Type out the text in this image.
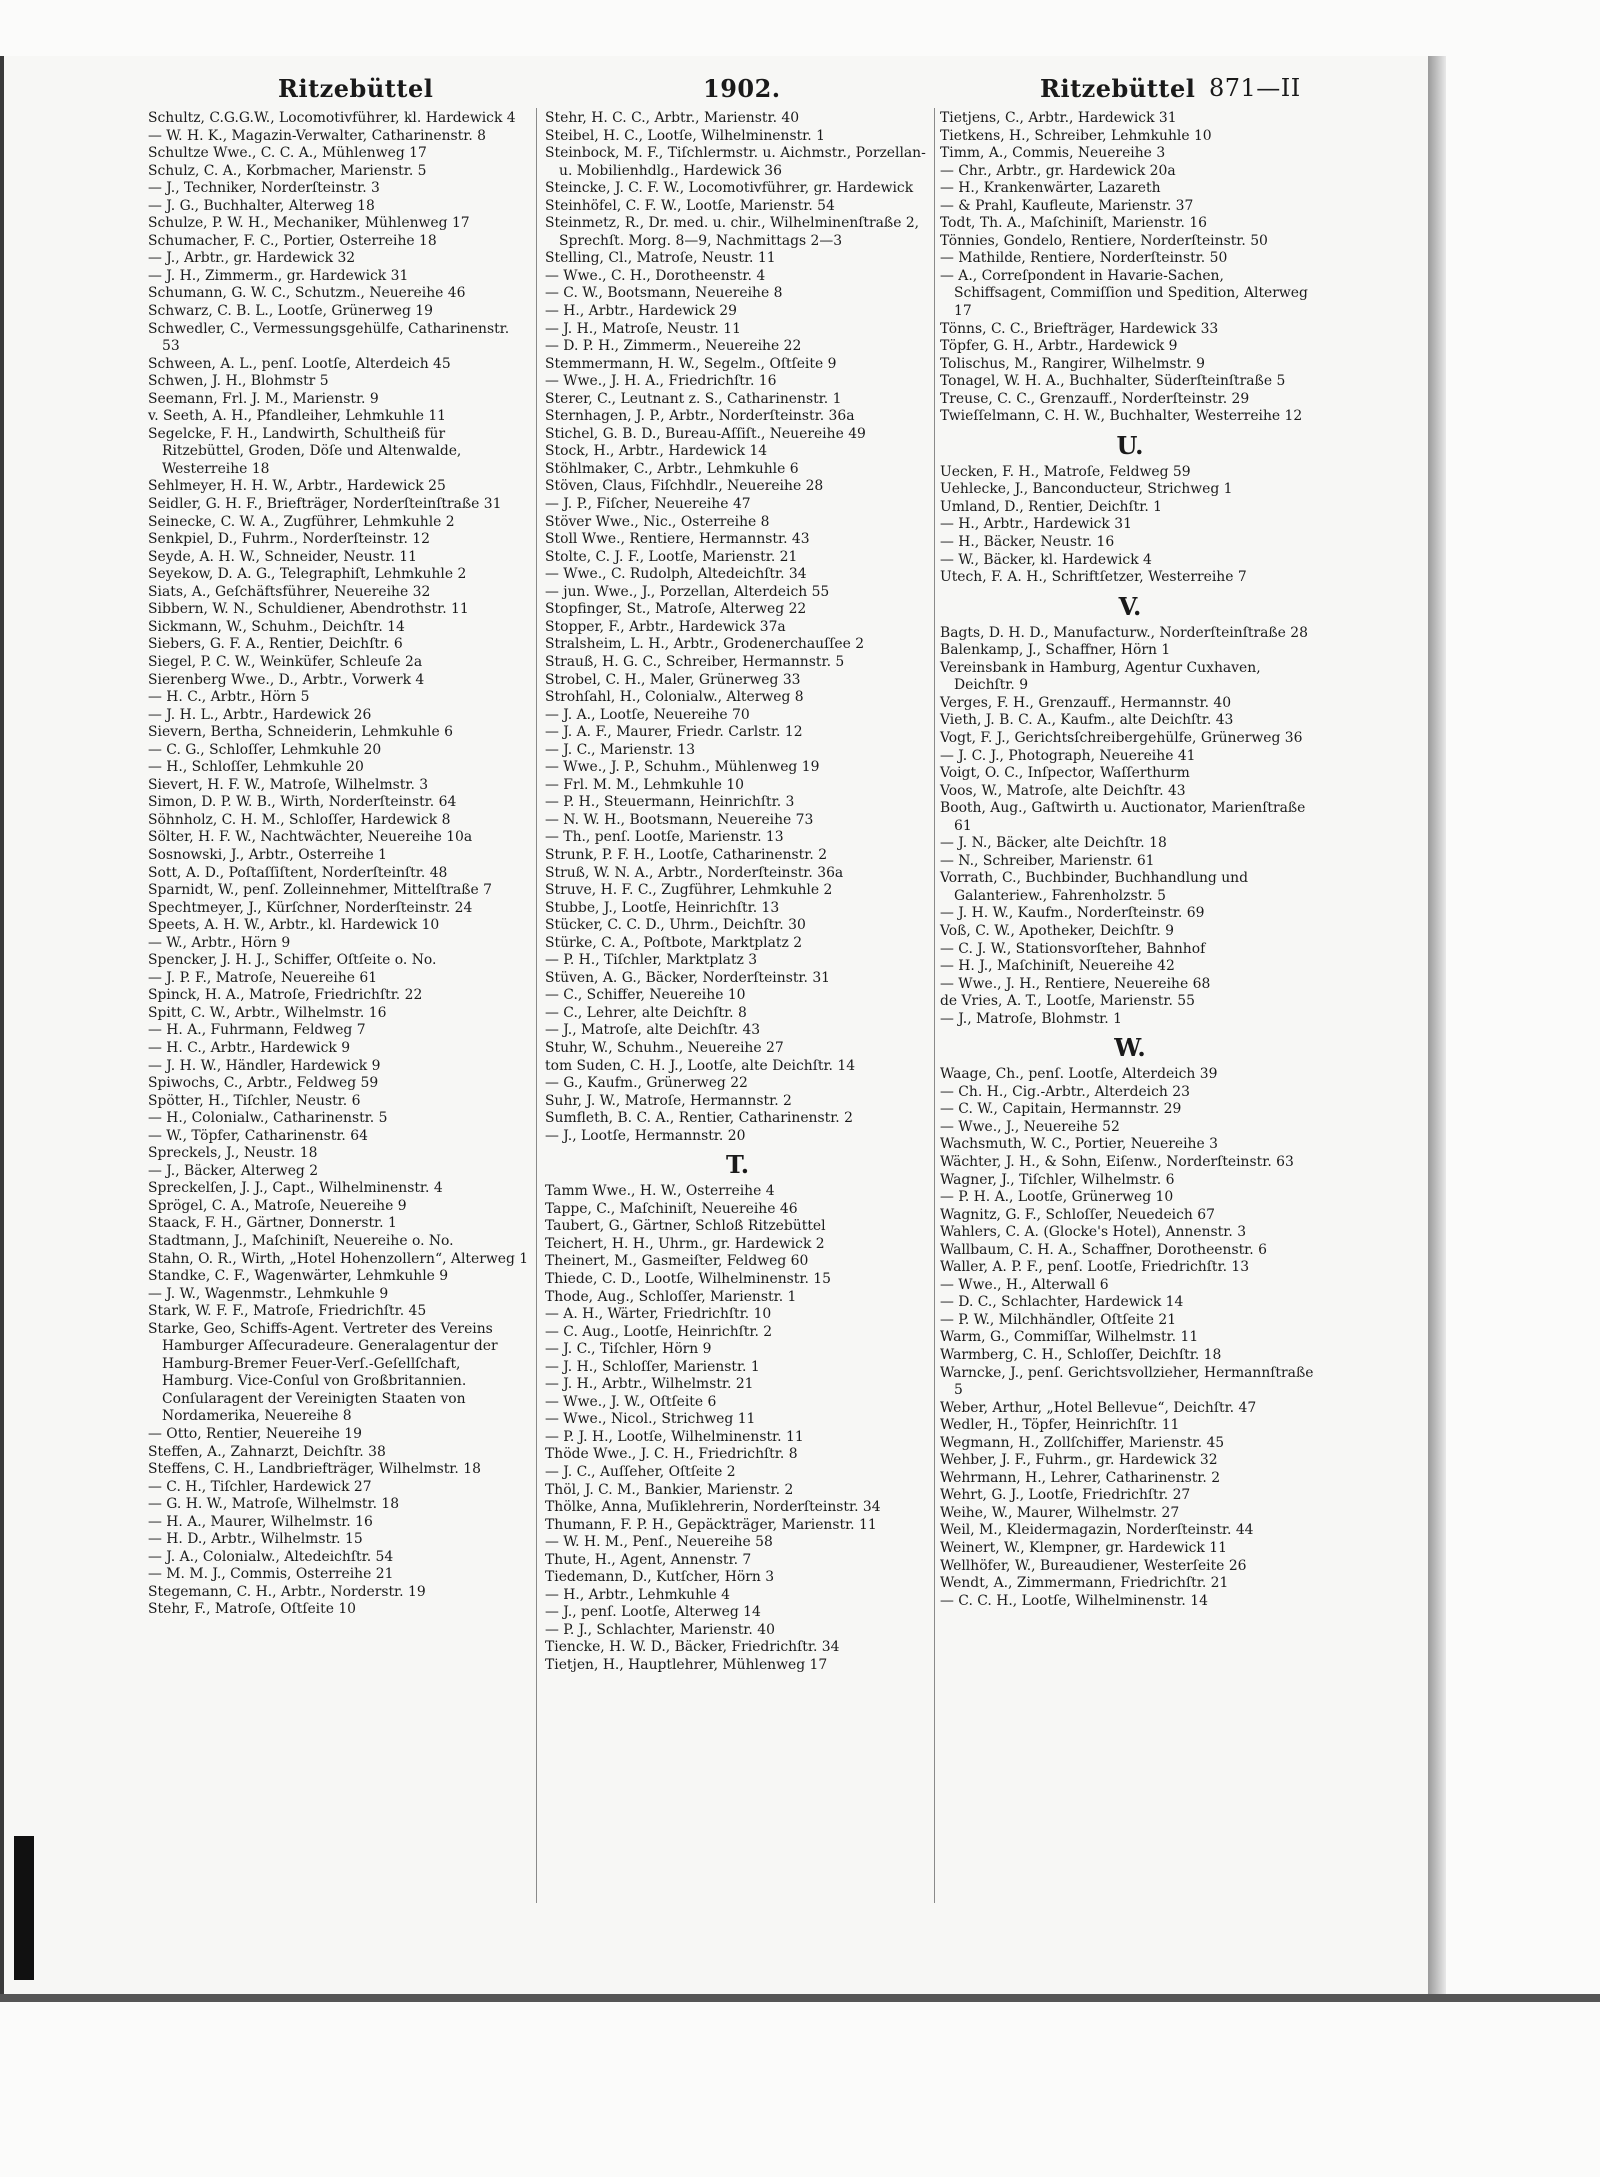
Ritzebüttel	1902.	Ritzebüttel 871—II

Schultz, C.G.G.W., Locomotivführer, kl. Hardewick 4

— W. H. K., Magazin-Verwalter, Catharinenstr. 8

Schultze Wwe., C. C. A., Mühlenweg 17

Schulz, C. A., Korbmacher, Marienstr. 5

— J., Techniker, Norderſteinstr. 3

— J. G., Buchhalter, Alterweg 18

Schulze, P. W. H., Mechaniker, Mühlenweg 17

Schumacher, F. C., Portier, Osterreihe 18

— J., Arbtr., gr. Hardewick 32

— J. H., Zimmerm., gr. Hardewick 31

Schumann, G. W. C., Schutzm., Neuereihe 46

Schwarz, C. B. L., Lootſe, Grünerweg 19

Schwedler, C., Vermessungsgehülfe, Catharinenstr. 53

Schween, A. L., penſ. Lootſe, Alterdeich 45

Schwen, J. H., Blohmstr 5

Seemann, Frl. J. M., Marienstr. 9

v. Seeth, A. H., Pfandleiher, Lehmkuhle 11

Segelcke, F. H., Landwirth, Schultheiß für Ritzebüttel, Groden, Döſe und Altenwalde, Westerreihe 18

Sehlmeyer, H. H. W., Arbtr., Hardewick 25

Seidler, G. H. F., Briefträger, Norderſteinſtraße 31

Seinecke, C. W. A., Zugführer, Lehmkuhle 2

Senkpiel, D., Fuhrm., Norderſteinstr. 12

Seyde, A. H. W., Schneider, Neustr. 11

Seyekow, D. A. G., Telegraphiſt, Lehmkuhle 2

Siats, A., Geſchäftsführer, Neuereihe 32

Sibbern, W. N., Schuldiener, Abendrothstr. 11

Sickmann, W., Schuhm., Deichſtr. 14

Siebers, G. F. A., Rentier, Deichſtr. 6

Siegel, P. C. W., Weinküfer, Schleuſe 2a

Sierenberg Wwe., D., Arbtr., Vorwerk 4

— H. C., Arbtr., Hörn 5

— J. H. L., Arbtr., Hardewick 26

Sievern, Bertha, Schneiderin, Lehmkuhle 6

— C. G., Schloſſer, Lehmkuhle 20

— H., Schloſſer, Lehmkuhle 20

Sievert, H. F. W., Matroſe, Wilhelmstr. 3

Simon, D. P. W. B., Wirth, Norderſteinstr. 64

Söhnholz, C. H. M., Schloſſer, Hardewick 8

Sölter, H. F. W., Nachtwächter, Neuereihe 10a

Sosnowski, J., Arbtr., Osterreihe 1

Sott, A. D., Poſtaſſiſtent, Norderſteinſtr. 48

Sparnidt, W., penſ. Zolleinnehmer, Mittelſtraße 7

Spechtmeyer, J., Kürſchner, Norderſteinstr. 24

Speets, A. H. W., Arbtr., kl. Hardewick 10

— W., Arbtr., Hörn 9

Spencker, J. H. J., Schiffer, Oſtſeite o. No.

— J. P. F., Matroſe, Neuereihe 61

Spinck, H. A., Matroſe, Friedrichſtr. 22

Spitt, C. W., Arbtr., Wilhelmstr. 16

— H. A., Fuhrmann, Feldweg 7

— H. C., Arbtr., Hardewick 9

— J. H. W., Händler, Hardewick 9

Spiwochs, C., Arbtr., Feldweg 59

Spötter, H., Tiſchler, Neustr. 6

— H., Colonialw., Catharinenstr. 5

— W., Töpfer, Catharinenstr. 64

Spreckels, J., Neustr. 18

— J., Bäcker, Alterweg 2

Spreckelſen, J. J., Capt., Wilhelminenstr. 4

Sprögel, C. A., Matroſe, Neuereihe 9

Staack, F. H., Gärtner, Donnerstr. 1

Stadtmann, J., Maſchiniſt, Neuereihe o. No.

Stahn, O. R., Wirth, „Hotel Hohenzollern“, Alterweg 1

Standke, C. F., Wagenwärter, Lehmkuhle 9

— J. W., Wagenmstr., Lehmkuhle 9

Stark, W. F. F., Matroſe, Friedrichſtr. 45

Starke, Geo, Schiffs-Agent. Vertreter des Vereins Hamburger Aſſecuradeure. Generalagentur der Hamburg-Bremer Feuer-Verſ.-Geſellſchaft, Hamburg. Vice-Conſul von Großbritannien. Conſularagent der Vereinigten Staaten von Nordamerika, Neuereihe 8

— Otto, Rentier, Neuereihe 19

Steffen, A., Zahnarzt, Deichſtr. 38

Steffens, C. H., Landbriefträger, Wilhelmstr. 18

— C. H., Tiſchler, Hardewick 27

— G. H. W., Matroſe, Wilhelmstr. 18

— H. A., Maurer, Wilhelmstr. 16

— H. D., Arbtr., Wilhelmstr. 15

— J. A., Colonialw., Altedeichſtr. 54

— M. M. J., Commis, Osterreihe 21

Stegemann, C. H., Arbtr., Norderstr. 19

Stehr, F., Matroſe, Oſtſeite 10

Stehr, H. C. C., Arbtr., Marienstr. 40

Steibel, H. C., Lootſe, Wilhelminenstr. 1

Steinbock, M. F., Tiſchlermstr. u. Aichmstr., Porzellan- u. Mobilienhdlg., Hardewick 36

Steincke, J. C. F. W., Locomotivführer, gr. Hardewick

Steinhöfel, C. F. W., Lootſe, Marienstr. 54

Steinmetz, R., Dr. med. u. chir., Wilhelminenſtraße 2, Sprechſt. Morg. 8—9, Nachmittags 2—3

Stelling, Cl., Matroſe, Neustr. 11

— Wwe., C. H., Dorotheenstr. 4

— C. W., Bootsmann, Neuereihe 8

— H., Arbtr., Hardewick 29

— J. H., Matroſe, Neustr. 11

— D. P. H., Zimmerm., Neuereihe 22

Stemmermann, H. W., Segelm., Oſtſeite 9

— Wwe., J. H. A., Friedrichſtr. 16

Sterer, C., Leutnant z. S., Catharinenstr. 1

Sternhagen, J. P., Arbtr., Norderſteinstr. 36a

Stichel, G. B. D., Bureau-Aſſiſt., Neuereihe 49

Stock, H., Arbtr., Hardewick 14

Stöhlmaker, C., Arbtr., Lehmkuhle 6

Stöven, Claus, Fiſchhdlr., Neuereihe 28

— J. P., Fiſcher, Neuereihe 47

Stöver Wwe., Nic., Osterreihe 8

Stoll Wwe., Rentiere, Hermannstr. 43

Stolte, C. J. F., Lootſe, Marienstr. 21

— Wwe., C. Rudolph, Altedeichſtr. 34

— jun. Wwe., J., Porzellan, Alterdeich 55

Stopfinger, St., Matroſe, Alterweg 22

Stopper, F., Arbtr., Hardewick 37a

Stralsheim, L. H., Arbtr., Grodenerchauſſee 2

Strauß, H. G. C., Schreiber, Hermannstr. 5

Strobel, C. H., Maler, Grünerweg 33

Strohſahl, H., Colonialw., Alterweg 8

— J. A., Lootſe, Neuereihe 70

— J. A. F., Maurer, Friedr. Carlstr. 12

— J. C., Marienstr. 13

— Wwe., J. P., Schuhm., Mühlenweg 19

— Frl. M. M., Lehmkuhle 10

— P. H., Steuermann, Heinrichſtr. 3

— N. W. H., Bootsmann, Neuereihe 73

— Th., penſ. Lootſe, Marienstr. 13

Strunk, P. F. H., Lootſe, Catharinenstr. 2

Struß, W. N. A., Arbtr., Norderſteinstr. 36a

Struve, H. F. C., Zugführer, Lehmkuhle 2

Stubbe, J., Lootſe, Heinrichſtr. 13

Stücker, C. C. D., Uhrm., Deichſtr. 30

Stürke, C. A., Poſtbote, Marktplatz 2

— P. H., Tiſchler, Marktplatz 3

Stüven, A. G., Bäcker, Norderſteinstr. 31

— C., Schiffer, Neuereihe 10

— C., Lehrer, alte Deichſtr. 8

— J., Matroſe, alte Deichſtr. 43

Stuhr, W., Schuhm., Neuereihe 27

tom Suden, C. H. J., Lootſe, alte Deichſtr. 14

— G., Kaufm., Grünerweg 22

Suhr, J. W., Matroſe, Hermannstr. 2

Sumfleth, B. C. A., Rentier, Catharinenstr. 2

— J., Lootſe, Hermannstr. 20

T.

Tamm Wwe., H. W., Osterreihe 4

Tappe, C., Maſchiniſt, Neuereihe 46

Taubert, G., Gärtner, Schloß Ritzebüttel

Teichert, H. H., Uhrm., gr. Hardewick 2

Theinert, M., Gasmeiſter, Feldweg 60

Thiede, C. D., Lootſe, Wilhelminenstr. 15

Thode, Aug., Schloſſer, Marienstr. 1

— A. H., Wärter, Friedrichſtr. 10

— C. Aug., Lootſe, Heinrichſtr. 2

— J. C., Tiſchler, Hörn 9

— J. H., Schloſſer, Marienstr. 1

— J. H., Arbtr., Wilhelmstr. 21

— Wwe., J. W., Oſtſeite 6

— Wwe., Nicol., Strichweg 11

— P. J. H., Lootſe, Wilhelminenstr. 11

Thöde Wwe., J. C. H., Friedrichſtr. 8

— J. C., Auſſeher, Oſtſeite 2

Thöl, J. C. M., Bankier, Marienstr. 2

Thölke, Anna, Muſiklehrerin, Norderſteinstr. 34

Thumann, F. P. H., Gepäckträger, Marienstr. 11

— W. H. M., Penſ., Neuereihe 58

Thute, H., Agent, Annenstr. 7

Tiedemann, D., Kutſcher, Hörn 3

— H., Arbtr., Lehmkuhle 4

— J., penſ. Lootſe, Alterweg 14

— P. J., Schlachter, Marienstr. 40

Tiencke, H. W. D., Bäcker, Friedrichſtr. 34

Tietjen, H., Hauptlehrer, Mühlenweg 17

Tietjens, C., Arbtr., Hardewick 31

Tietkens, H., Schreiber, Lehmkuhle 10

Timm, A., Commis, Neuereihe 3

— Chr., Arbtr., gr. Hardewick 20a

— H., Krankenwärter, Lazareth

— & Prahl, Kaufleute, Marienstr. 37

Todt, Th. A., Maſchiniſt, Marienstr. 16

Tönnies, Gondelo, Rentiere, Norderſteinstr. 50

— Mathilde, Rentiere, Norderſteinstr. 50

— A., Correſpondent in Havarie-Sachen, Schiffsagent, Commiſſion und Spedition, Alterweg 17

Tönns, C. C., Briefträger, Hardewick 33

Töpfer, G. H., Arbtr., Hardewick 9

Tolischus, M., Rangirer, Wilhelmstr. 9

Tonagel, W. H. A., Buchhalter, Süderſteinſtraße 5

Treuse, C. C., Grenzauff., Norderſteinstr. 29

Twieſſelmann, C. H. W., Buchhalter, Westerreihe 12

U.

Uecken, F. H., Matroſe, Feldweg 59

Uehlecke, J., Banconducteur, Strichweg 1

Umland, D., Rentier, Deichſtr. 1

— H., Arbtr., Hardewick 31

— H., Bäcker, Neustr. 16

— W., Bäcker, kl. Hardewick 4

Utech, F. A. H., Schriftſetzer, Westerreihe 7

V.

Bagts, D. H. D., Manufacturw., Norderſteinſtraße 28

Balenkamp, J., Schaffner, Hörn 1

Vereinsbank in Hamburg, Agentur Cuxhaven, Deichſtr. 9

Verges, F. H., Grenzauff., Hermannstr. 40

Vieth, J. B. C. A., Kaufm., alte Deichſtr. 43

Vogt, F. J., Gerichtsſchreibergehülfe, Grünerweg 36

— J. C. J., Photograph, Neuereihe 41

Voigt, O. C., Inſpector, Waſſerthurm

Voos, W., Matroſe, alte Deichſtr. 43

Booth, Aug., Gaſtwirth u. Auctionator, Marienſtraße 61

— J. N., Bäcker, alte Deichſtr. 18

— N., Schreiber, Marienstr. 61

Vorrath, C., Buchbinder, Buchhandlung und Galanteriew., Fahrenholzstr. 5

— J. H. W., Kaufm., Norderſteinstr. 69

Voß, C. W., Apotheker, Deichſtr. 9

— C. J. W., Stationsvorſteher, Bahnhof

— H. J., Maſchiniſt, Neuereihe 42

— Wwe., J. H., Rentiere, Neuereihe 68

de Vries, A. T., Lootſe, Marienstr. 55

— J., Matroſe, Blohmstr. 1

W.

Waage, Ch., penſ. Lootſe, Alterdeich 39

— Ch. H., Cig.-Arbtr., Alterdeich 23

— C. W., Capitain, Hermannstr. 29

— Wwe., J., Neuereihe 52

Wachsmuth, W. C., Portier, Neuereihe 3

Wächter, J. H., & Sohn, Eiſenw., Norderſteinstr. 63

Wagner, J., Tiſchler, Wilhelmstr. 6

— P. H. A., Lootſe, Grünerweg 10

Wagnitz, G. F., Schloſſer, Neuedeich 67

Wahlers, C. A. (Glocke's Hotel), Annenstr. 3

Wallbaum, C. H. A., Schaffner, Dorotheenstr. 6

Waller, A. P. F., penſ. Lootſe, Friedrichſtr. 13

— Wwe., H., Alterwall 6

— D. C., Schlachter, Hardewick 14

— P. W., Milchhändler, Oſtſeite 21

Warm, G., Commiſſar, Wilhelmstr. 11

Warmberg, C. H., Schloſſer, Deichſtr. 18

Warncke, J., penſ. Gerichtsvollzieher, Hermannſtraße 5

Weber, Arthur, „Hotel Bellevue“, Deichſtr. 47

Wedler, H., Töpfer, Heinrichſtr. 11

Wegmann, H., Zollſchiffer, Marienstr. 45

Wehber, J. F., Fuhrm., gr. Hardewick 32

Wehrmann, H., Lehrer, Catharinenstr. 2

Wehrt, G. J., Lootſe, Friedrichſtr. 27

Weihe, W., Maurer, Wilhelmstr. 27

Weil, M., Kleidermagazin, Norderſteinstr. 44

Weinert, W., Klempner, gr. Hardewick 11

Wellhöfer, W., Bureaudiener, Westerſeite 26

Wendt, A., Zimmermann, Friedrichſtr. 21

— C. C. H., Lootſe, Wilhelminenstr. 14
